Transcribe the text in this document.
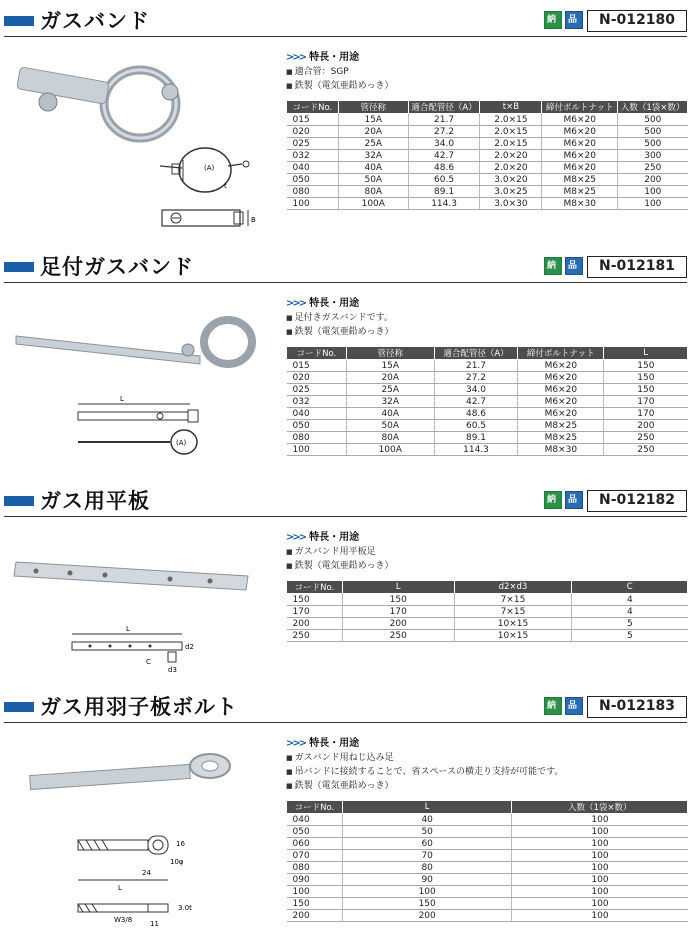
ガスバンド	納 品	N-012180
(A)
t
B
>>> 特長・用途
■ 適合管：SGP
■ 鉄製（電気亜鉛めっき）
コードNo.	管径称	適合配管径（A）	t×B	締付ボルトナット	入数（1袋×数）
015	15A	21.7	2.0×15	M6×20	500
020	20A	27.2	2.0×15	M6×20	500
025	25A	34.0	2.0×15	M6×20	500
032	32A	42.7	2.0×20	M6×20	300
040	40A	48.6	2.0×20	M6×20	250
050	50A	60.5	3.0×20	M8×25	200
080	80A	89.1	3.0×25	M8×25	100
100	100A	114.3	3.0×30	M8×30	100
足付ガスバンド	納 品	N-012181
L
(A)
>>> 特長・用途
■ 足付きガスバンドです。
■ 鉄製（電気亜鉛めっき）
コードNo.	管径称	適合配管径（A）	締付ボルトナット	L
015	15A	21.7	M6×20	150
020	20A	27.2	M6×20	150
025	25A	34.0	M6×20	150
032	32A	42.7	M6×20	170
040	40A	48.6	M6×20	170
050	50A	60.5	M8×25	200
080	80A	89.1	M8×25	250
100	100A	114.3	M8×30	250
ガス用平板	納 品	N-012182
L
d2
C
d3
>>> 特長・用途
■ ガスバンド用平板足
■ 鉄製（電気亜鉛めっき）
コードNo.	L	d2×d3	C
150	150	7×15	4
170	170	7×15	4
200	200	10×15	5
250	250	10×15	5
ガス用羽子板ボルト	納 品	N-012183
16
10φ
24
L
W3/8
3.0t
11
>>> 特長・用途
■ ガスバンド用ねじ込み足
■ 吊バンドに接続することで、省スペースの横走り支持が可能です。
■ 鉄製（電気亜鉛めっき）
コードNo.	L	入数（1袋×数）
040	40	100
050	50	100
060	60	100
070	70	100
080	80	100
090	90	100
100	100	100
150	150	100
200	200	100
